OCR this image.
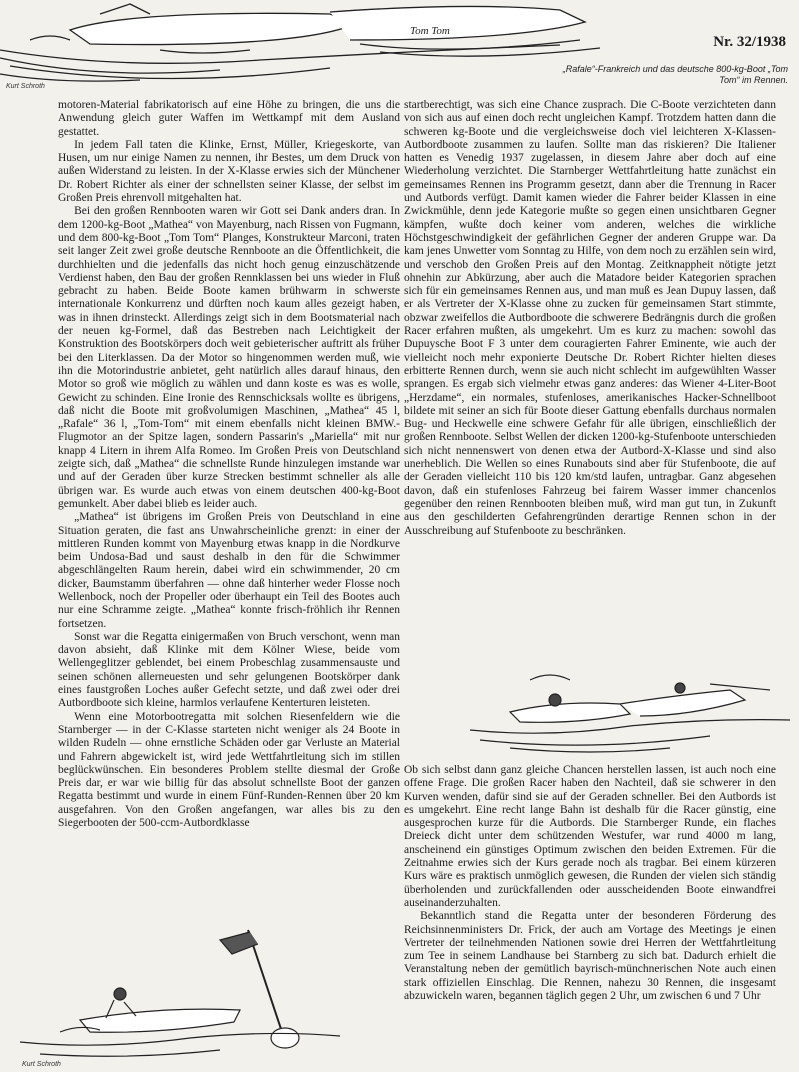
Tom Tom
Kurt Schroth
Nr. 32/1938
„Rafale“-Frankreich und das deutsche 800-kg-Boot „Tom Tom“ im Rennen.

motoren-Material fabrikatorisch auf eine Höhe zu bringen, die uns die Anwendung gleich guter Waffen im Wettkampf mit dem Ausland gestattet.

In jedem Fall taten die Klinke, Ernst, Müller, Kriegeskorte, van Husen, um nur einige Namen zu nennen, ihr Bestes, um dem Druck von außen Widerstand zu leisten. In der X-Klasse erwies sich der Münchener Dr. Robert Richter als einer der schnellsten seiner Klasse, der selbst im Großen Preis ehrenvoll mitgehalten hat.

Bei den großen Rennbooten waren wir Gott sei Dank anders dran. In dem 1200-kg-Boot „Mathea“ von Mayenburg, nach Rissen von Fugmann, und dem 800-kg-Boot „Tom Tom“ Planges, Konstrukteur Marconi, traten seit langer Zeit zwei große deutsche Rennboote an die Öffentlichkeit, die durchhielten und die jedenfalls das nicht hoch genug einzuschätzende Verdienst haben, den Bau der großen Rennklassen bei uns wieder in Fluß gebracht zu haben. Beide Boote kamen brühwarm in schwerste internationale Konkurrenz und dürften noch kaum alles gezeigt haben, was in ihnen drinsteckt. Allerdings zeigt sich in dem Bootsmaterial nach der neuen kg-Formel, daß das Bestreben nach Leichtigkeit der Konstruktion des Bootskörpers doch weit gebieterischer auftritt als früher bei den Literklassen. Da der Motor so hingenommen werden muß, wie ihn die Motorindustrie anbietet, geht natürlich alles darauf hinaus, den Motor so groß wie möglich zu wählen und dann koste es was es wolle, Gewicht zu schinden. Eine Ironie des Rennschicksals wollte es übrigens, daß nicht die Boote mit großvolumigen Maschinen, „Mathea“ 45 l, „Rafale“ 36 l, „Tom-Tom“ mit einem ebenfalls nicht kleinen BMW.-Flugmotor an der Spitze lagen, sondern Passarin's „Mariella“ mit nur knapp 4 Litern in ihrem Alfa Romeo. Im Großen Preis von Deutschland zeigte sich, daß „Mathea“ die schnellste Runde hinzulegen imstande war und auf der Geraden über kurze Strecken bestimmt schneller als alle übrigen war. Es wurde auch etwas von einem deutschen 400-kg-Boot gemunkelt. Aber dabei blieb es leider auch.

„Mathea“ ist übrigens im Großen Preis von Deutschland in eine Situation geraten, die fast ans Unwahrscheinliche grenzt: in einer der mittleren Runden kommt von Mayenburg etwas knapp in die Nordkurve beim Undosa-Bad und saust deshalb in den für die Schwimmer abgeschlängelten Raum herein, dabei wird ein schwimmender, 20 cm dicker, Baumstamm überfahren — ohne daß hinterher weder Flosse noch Wellenbock, noch der Propeller oder überhaupt ein Teil des Bootes auch nur eine Schramme zeigte. „Mathea“ konnte frisch-fröhlich ihr Rennen fortsetzen.

Sonst war die Regatta einigermaßen von Bruch verschont, wenn man davon absieht, daß Klinke mit dem Kölner Wiese, beide vom Wellengeglitzer geblendet, bei einem Probeschlag zusammensauste und seinen schönen allerneuesten und sehr gelungenen Bootskörper dank eines faustgroßen Loches außer Gefecht setzte, und daß zwei oder drei Autbordboote sich kleine, harmlos verlaufene Kenterturen leisteten.

Wenn eine Motorbootregatta mit solchen Riesenfeldern wie die Starnberger — in der C-Klasse starteten nicht weniger als 24 Boote in wilden Rudeln — ohne ernstliche Schäden oder gar Verluste an Material und Fahrern abgewickelt ist, wird jede Wettfahrtleitung sich im stillen beglückwünschen. Ein besonderes Problem stellte diesmal der Große Preis dar, er war wie billig für das absolut schnellste Boot der ganzen Regatta bestimmt und wurde in einem Fünf-Runden-Rennen über 20 km ausgefahren. Von den Großen angefangen, war alles bis zu den Siegerbooten der 500-ccm-Autbordklasse

startberechtigt, was sich eine Chance zusprach. Die C-Boote verzichteten dann von sich aus auf einen doch recht ungleichen Kampf. Trotzdem hatten dann die schweren kg-Boote und die vergleichsweise doch viel leichteren X-Klassen-Autbordboote zusammen zu laufen. Sollte man das riskieren? Die Italiener hatten es Venedig 1937 zugelassen, in diesem Jahre aber doch auf eine Wiederholung verzichtet. Die Starnberger Wettfahrtleitung hatte zunächst ein gemeinsames Rennen ins Programm gesetzt, dann aber die Trennung in Racer und Autbords verfügt. Damit kamen wieder die Fahrer beider Klassen in eine Zwickmühle, denn jede Kategorie mußte so gegen einen unsichtbaren Gegner kämpfen, wußte doch keiner vom anderen, welches die wirkliche Höchstgeschwindigkeit der gefährlichen Gegner der anderen Gruppe war. Da kam jenes Unwetter vom Sonntag zu Hilfe, von dem noch zu erzählen sein wird, und verschob den Großen Preis auf den Montag. Zeitknappheit nötigte jetzt ohnehin zur Abkürzung, aber auch die Matadore beider Kategorien sprachen sich für ein gemeinsames Rennen aus, und man muß es Jean Dupuy lassen, daß er als Vertreter der X-Klasse ohne zu zucken für gemeinsamen Start stimmte, obzwar zweifellos die Autbordboote die schwerere Bedrängnis durch die großen Racer erfahren mußten, als umgekehrt. Um es kurz zu machen: sowohl das Dupuysche Boot F 3 unter dem couragierten Fahrer Eminente, wie auch der vielleicht noch mehr exponierte Deutsche Dr. Robert Richter hielten dieses erbitterte Rennen durch, wenn sie auch nicht schlecht im aufgewühlten Wasser sprangen. Es ergab sich vielmehr etwas ganz anderes: das Wiener 4-Liter-Boot „Herzdame“, ein normales, stufenloses, amerikanisches Hacker-Schnellboot bildete mit seiner an sich für Boote dieser Gattung ebenfalls durchaus normalen Bug- und Heckwelle eine schwere Gefahr für alle übrigen, einschließlich der großen Rennboote. Selbst Wellen der dicken 1200-kg-Stufenboote unterschieden sich nicht nennenswert von denen etwa der Autbord-X-Klasse und sind also unerheblich. Die Wellen so eines Runabouts sind aber für Stufenboote, die auf der Geraden vielleicht 110 bis 120 km/std laufen, untragbar. Ganz abgesehen davon, daß ein stufenloses Fahrzeug bei fairem Wasser immer chancenlos gegenüber den reinen Rennbooten bleiben muß, wird man gut tun, in Zukunft aus den geschilderten Gefahrengründen derartige Rennen schon in der Ausschreibung auf Stufenboote zu beschränken.

Ob sich selbst dann ganz gleiche Chancen herstellen lassen, ist auch noch eine offene Frage. Die großen Racer haben den Nachteil, daß sie schwerer in den Kurven wenden, dafür sind sie auf der Geraden schneller. Bei den Autbords ist es umgekehrt. Eine recht lange Bahn ist deshalb für die Racer günstig, eine ausgesprochen kurze für die Autbords. Die Starnberger Runde, ein flaches Dreieck dicht unter dem schützenden Westufer, war rund 4000 m lang, anscheinend ein günstiges Optimum zwischen den beiden Extremen. Für die Zeitnahme erwies sich der Kurs gerade noch als tragbar. Bei einem kürzeren Kurs wäre es praktisch unmöglich gewesen, die Runden der vielen sich ständig überholenden und zurückfallenden oder ausscheidenden Boote einwandfrei auseinanderzuhalten.

Bekanntlich stand die Regatta unter der besonderen Förderung des Reichsinnenministers Dr. Frick, der auch am Vortage des Meetings je einen Vertreter der teilnehmenden Nationen sowie drei Herren der Wettfahrtleitung zum Tee in seinem Landhause bei Starnberg zu sich bat. Dadurch erhielt die Veranstaltung neben der gemütlich bayrisch-münchnerischen Note auch einen stark offiziellen Einschlag. Die Rennen, nahezu 30 Rennen, die insgesamt abzuwickeln waren, begannen täglich gegen 2 Uhr, um zwischen 6 und 7 Uhr

Kurt Schroth
